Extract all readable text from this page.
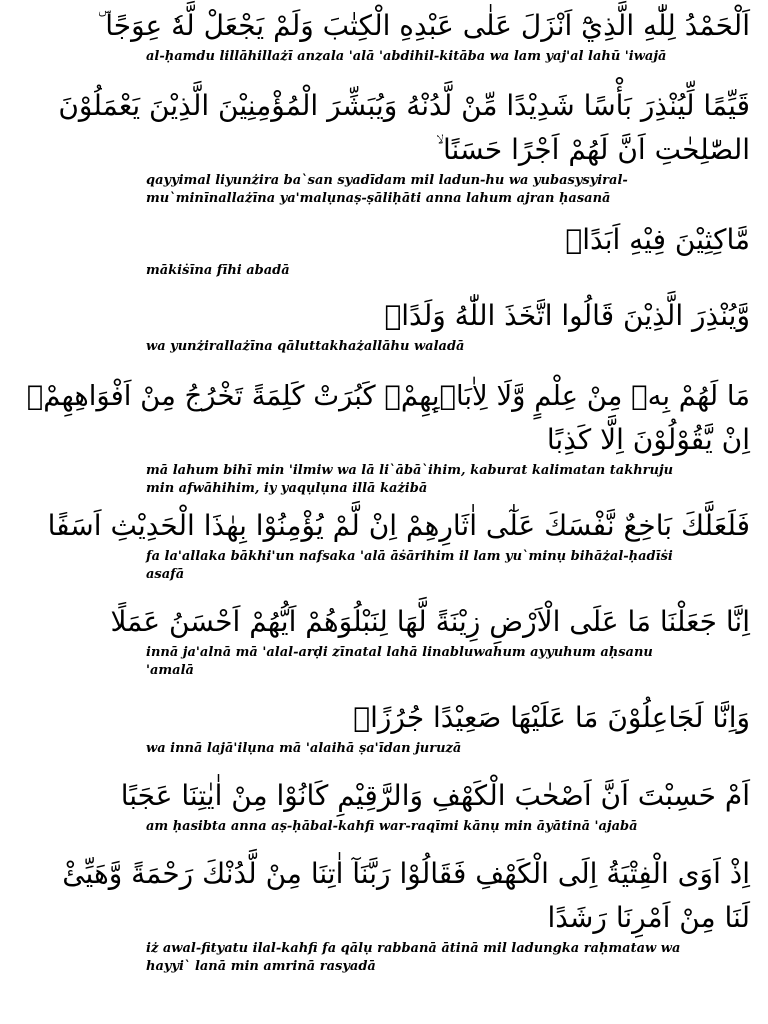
اَلْحَمْدُ لِلّٰهِ الَّذِيْٓ اَنْزَلَ عَلٰى عَبْدِهِ الْكِتٰبَ وَلَمْ يَجْعَلْ لَّهٗ عِوَجًا ۜ

al-ḥamdu lillāhillażī anzala 'alā 'abdihil-kitāba wa lam yaj'al lahū 'iwajā

قَيِّمًا لِّيُنْذِرَ بَأْسًا شَدِيْدًا مِّنْ لَّدُنْهُ وَيُبَشِّرَ الْمُؤْمِنِيْنَ الَّذِيْنَ يَعْمَلُوْنَ
الصّٰلِحٰتِ اَنَّ لَهُمْ اَجْرًا حَسَنًا ۙ

qayyimal liyunżira ba`san syadīdam mil ladun-hu wa yubasysyiral-
mu`minīnallażīna ya'malụnaṣ-ṣāliḥāti anna lahum ajran ḥasanā

مَّاكِثِيْنَ فِيْهِ اَبَدًاۙ

mākiṡīna fīhi abadā

وَّيُنْذِرَ الَّذِيْنَ قَالُوا اتَّخَذَ اللّٰهُ وَلَدًاۖ

wa yunżirallażīna qāluttakhażallāhu waladā

مَا لَهُمْ بِهٖ مِنْ عِلْمٍ وَّلَا لِاٰبَاۤىِٕهِمْۗ كَبُرَتْ كَلِمَةً تَخْرُجُ مِنْ اَفْوَاهِهِمْۗ
اِنْ يَّقُوْلُوْنَ اِلَّا كَذِبًا

mā lahum bihī min 'ilmiw wa lā li`ābā`ihim, kaburat kalimatan takhruju
min afwāhihim, iy yaqụlụna illā każibā

فَلَعَلَّكَ بَاخِعٌ نَّفْسَكَ عَلٰٓى اٰثَارِهِمْ اِنْ لَّمْ يُؤْمِنُوْا بِهٰذَا الْحَدِيْثِ اَسَفًا

fa la'allaka bākhi'un nafsaka 'alā āṡārihim il lam yu`minụ bihāżal-ḥadīṡi
asafā

اِنَّا جَعَلْنَا مَا عَلَى الْاَرْضِ زِيْنَةً لَّهَا لِنَبْلُوَهُمْ اَيُّهُمْ اَحْسَنُ عَمَلًا

innā ja'alnā mā 'alal-arḍi zīnatal lahā linabluwahum ayyuhum aḥsanu
'amalā

وَاِنَّا لَجَاعِلُوْنَ مَا عَلَيْهَا صَعِيْدًا جُرُزًاۗ

wa innā lajā'ilụna mā 'alaihā ṣa'īdan juruzā

اَمْ حَسِبْتَ اَنَّ اَصْحٰبَ الْكَهْفِ وَالرَّقِيْمِ كَانُوْا مِنْ اٰيٰتِنَا عَجَبًا

am ḥasibta anna aṣ-ḥābal-kahfi war-raqīmi kānụ min āyātinā 'ajabā

اِذْ اَوَى الْفِتْيَةُ اِلَى الْكَهْفِ فَقَالُوْا رَبَّنَآ اٰتِنَا مِنْ لَّدُنْكَ رَحْمَةً وَّهَيِّئْ
لَنَا مِنْ اَمْرِنَا رَشَدًا

iż awal-fityatu ilal-kahfi fa qālụ rabbanā ātinā mil ladungka raḥmataw wa
hayyi` lanā min amrinā rasyadā
